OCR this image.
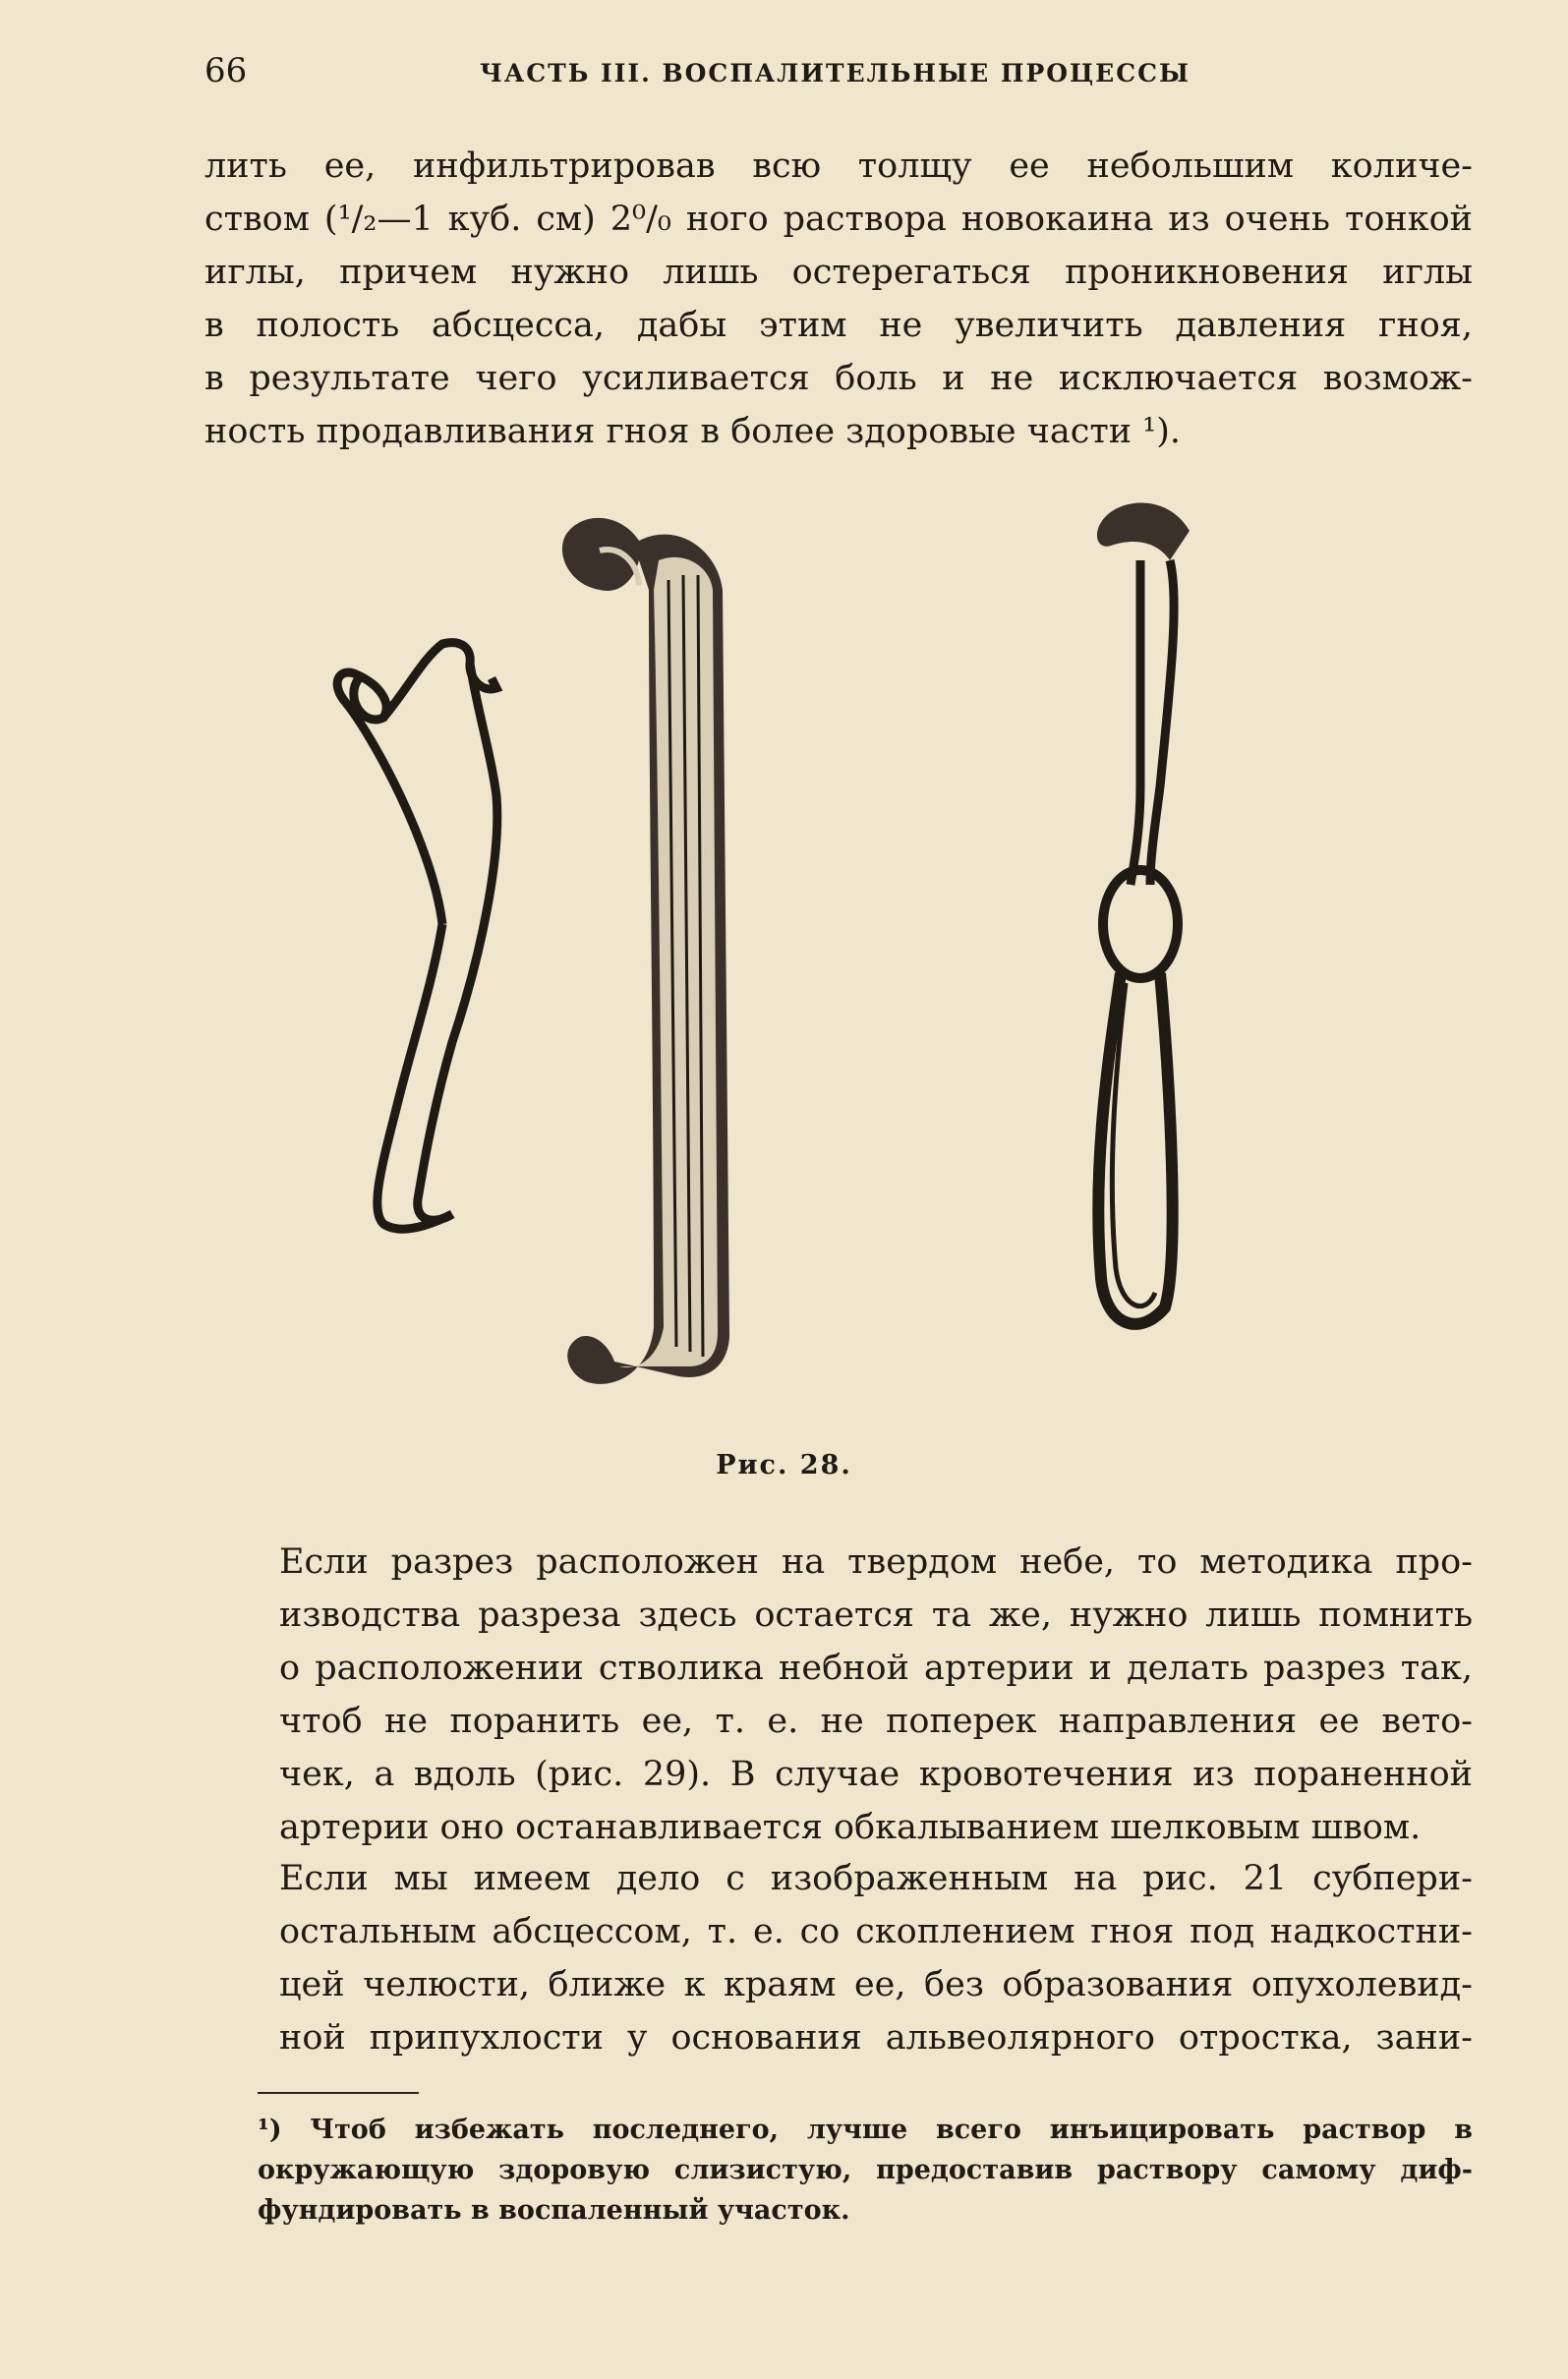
66	ЧАСТЬ III. ВОСПАЛИТЕЛЬНЫЕ ПРОЦЕССЫ
лить ее, инфильтрировав всю толщу ее небольшим количе-
ством (¹/₂—1 куб. см) 2⁰/₀ ного раствора новокаина из очень тонкой
иглы, причем нужно лишь остерегаться проникновения иглы
в полость абсцесса, дабы этим не увеличить давления гноя,
в результате чего усиливается боль и не исключается возмож-
ность продавливания гноя в более здоровые части ¹).
Рис. 28.
Если разрез расположен на твердом небе, то методика про-
изводства разреза здесь остается та же, нужно лишь помнить
о расположении стволика небной артерии и делать разрез так,
чтоб не поранить ее, т. е. не поперек направления ее вето-
чек, а вдоль (рис. 29). В случае кровотечения из пораненной
артерии оно останавливается обкалыванием шелковым швом.
Если мы имеем дело с изображенным на рис. 21 субпери-
остальным абсцессом, т. е. со скоплением гноя под надкостни-
цей челюсти, ближе к краям ее, без образования опухолевид-
ной припухлости у основания альвеолярного отростка, зани-
¹) Чтоб избежать последнего, лучше всего инъицировать раствор в
окружающую здоровую слизистую, предоставив раствору самому диф-
фундировать в воспаленный участок.
